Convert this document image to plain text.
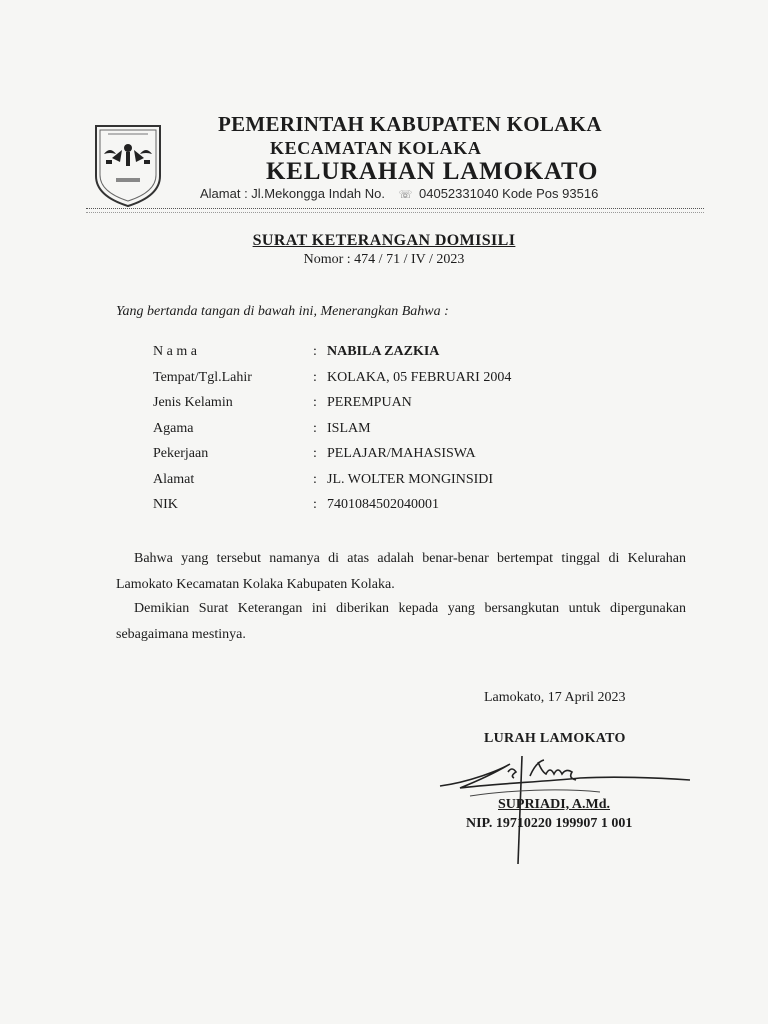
PEMERINTAH KABUPATEN KOLAKA
KECAMATAN KOLAKA
KELURAHAN LAMOKATO
Alamat : Jl.Mekongga Indah No. ☏ 04052331040 Kode Pos 93516
SURAT KETERANGAN DOMISILI
Nomor : 474 / 71 / IV / 2023
Yang bertanda tangan di bawah ini, Menerangkan Bahwa :
N a m a	: NABILA ZAZKIA
Tempat/Tgl.Lahir	: KOLAKA, 05 FEBRUARI 2004
Jenis Kelamin	: PEREMPUAN
Agama	: ISLAM
Pekerjaan	: PELAJAR/MAHASISWA
Alamat	: JL. WOLTER MONGINSIDI
NIK	: 7401084502040001
Bahwa yang tersebut namanya di atas adalah benar-benar bertempat tinggal di Kelurahan Lamokato Kecamatan Kolaka Kabupaten Kolaka.
Demikian Surat Keterangan ini diberikan kepada yang bersangkutan untuk dipergunakan sebagaimana mestinya.
Lamokato, 17 April 2023
LURAH LAMOKATO
SUPRIADI, A.Md.
NIP. 19710220 199907 1 001
